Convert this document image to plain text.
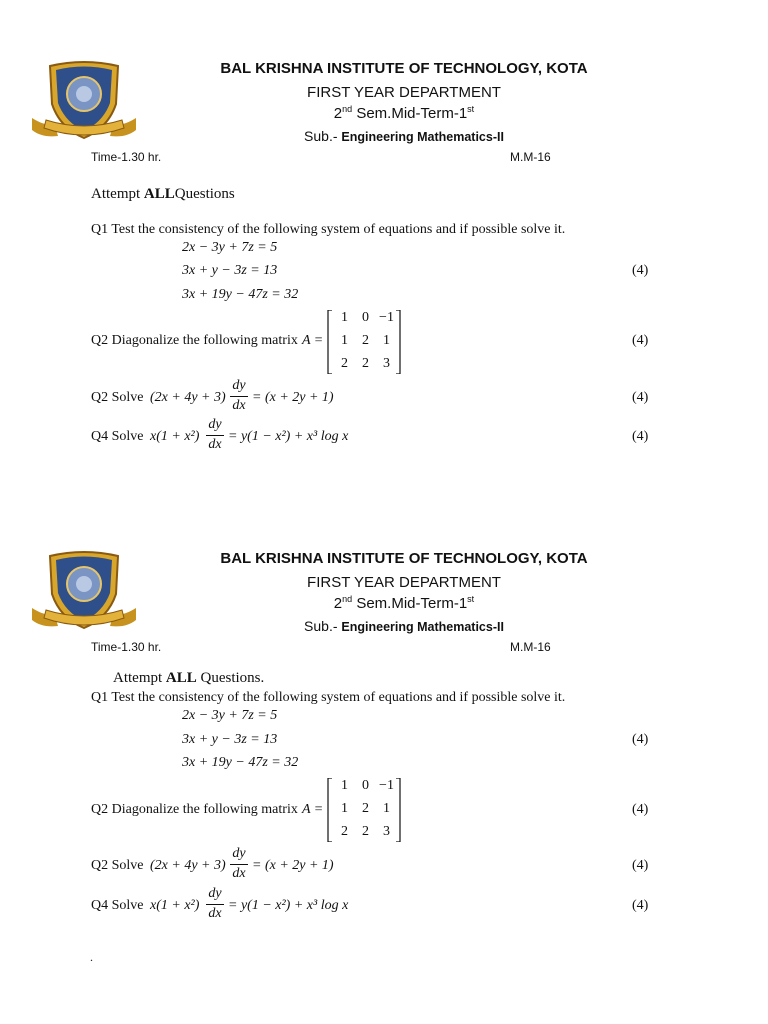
BAL KRISHNA INSTITUTE OF TECHNOLOGY, KOTA
FIRST YEAR DEPARTMENT
2nd Sem.Mid-Term-1st
Sub.- Engineering Mathematics-II
Time-1.30 hr.	M.M-16
Attempt ALLQuestions
Q1 Test the consistency of the following system of equations and if possible solve it.
2x − 3y + 7z = 5
3x + y − 3z = 13
3x + 19y − 47z = 32
(4)
Q2 Diagonalize the following matrix A =
1 0 −1
1 2 1
2 2 3
(4)
Q2 Solve (2x + 4y + 3)
dy
dx
= (x + 2y + 1)	(4)
Q4 Solve x(1 + x²)
dy
dx
= y(1 − x²) + x³ log x	(4)
BAL KRISHNA INSTITUTE OF TECHNOLOGY, KOTA
FIRST YEAR DEPARTMENT
2nd Sem.Mid-Term-1st
Sub.- Engineering Mathematics-II
Time-1.30 hr.	M.M-16
Attempt ALL Questions.
Q1 Test the consistency of the following system of equations and if possible solve it.
2x − 3y + 7z = 5
3x + y − 3z = 13
3x + 19y − 47z = 32
(4)
Q2 Diagonalize the following matrix A =
1 0 −1
1 2 1
2 2 3
(4)
Q2 Solve (2x + 4y + 3)
dy
dx
= (x + 2y + 1)	(4)
Q4 Solve x(1 + x²)
dy
dx
= y(1 − x²) + x³ log x	(4)
.
